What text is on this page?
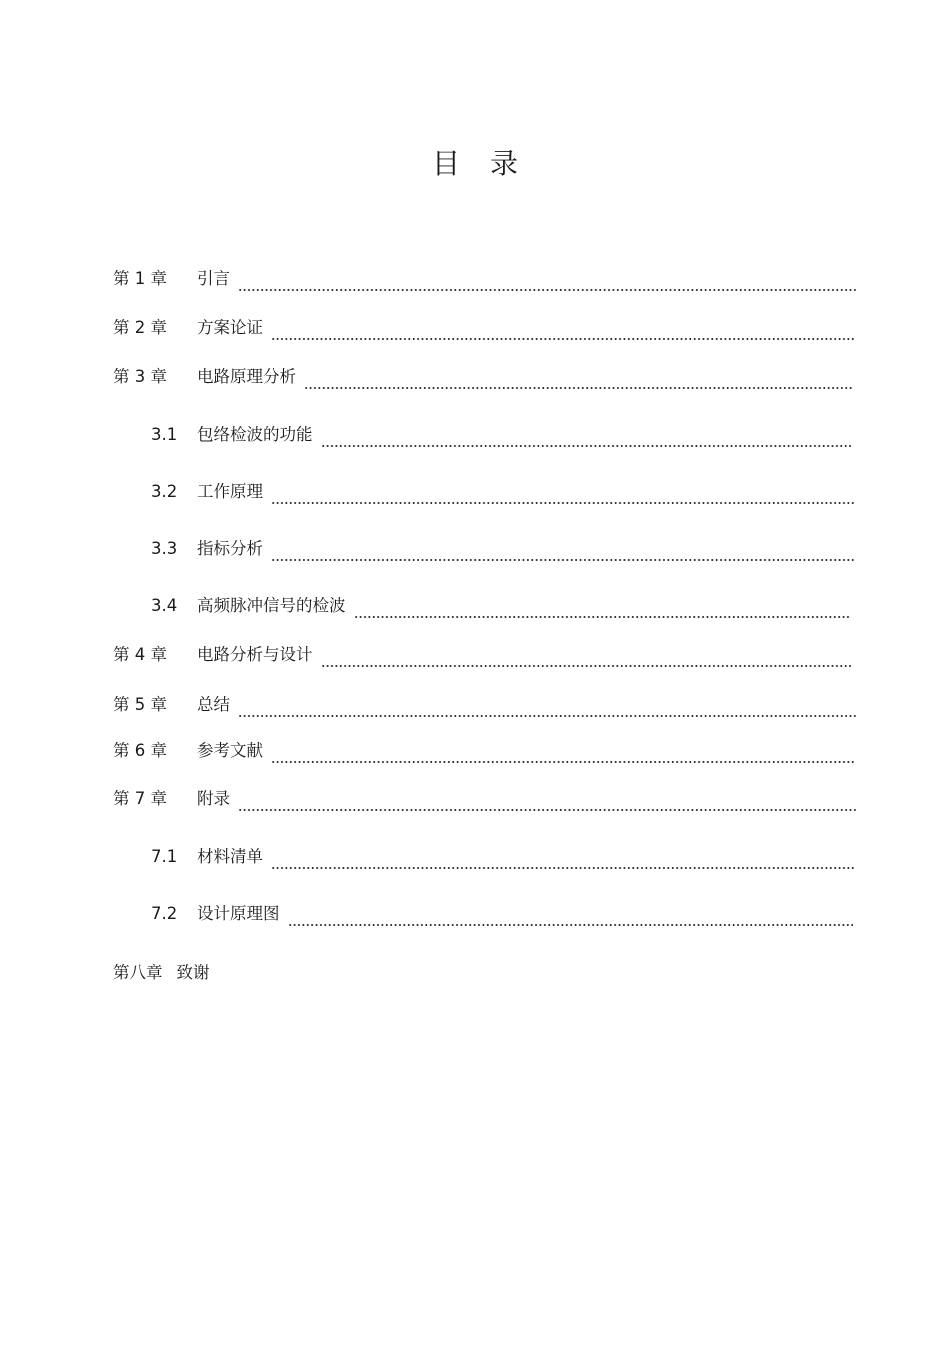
目 录
第 1 章	引言
第 2 章	方案论证
第 3 章	电路原理分析
3.1	包络检波的功能
3.2	工作原理
3.3	指标分析
3.4	高频脉冲信号的检波
第 4 章	电路分析与设计
第 5 章	总结
第 6 章	参考文献
第 7 章	附录
7.1	材料清单
7.2	设计原理图
第八章 致谢
